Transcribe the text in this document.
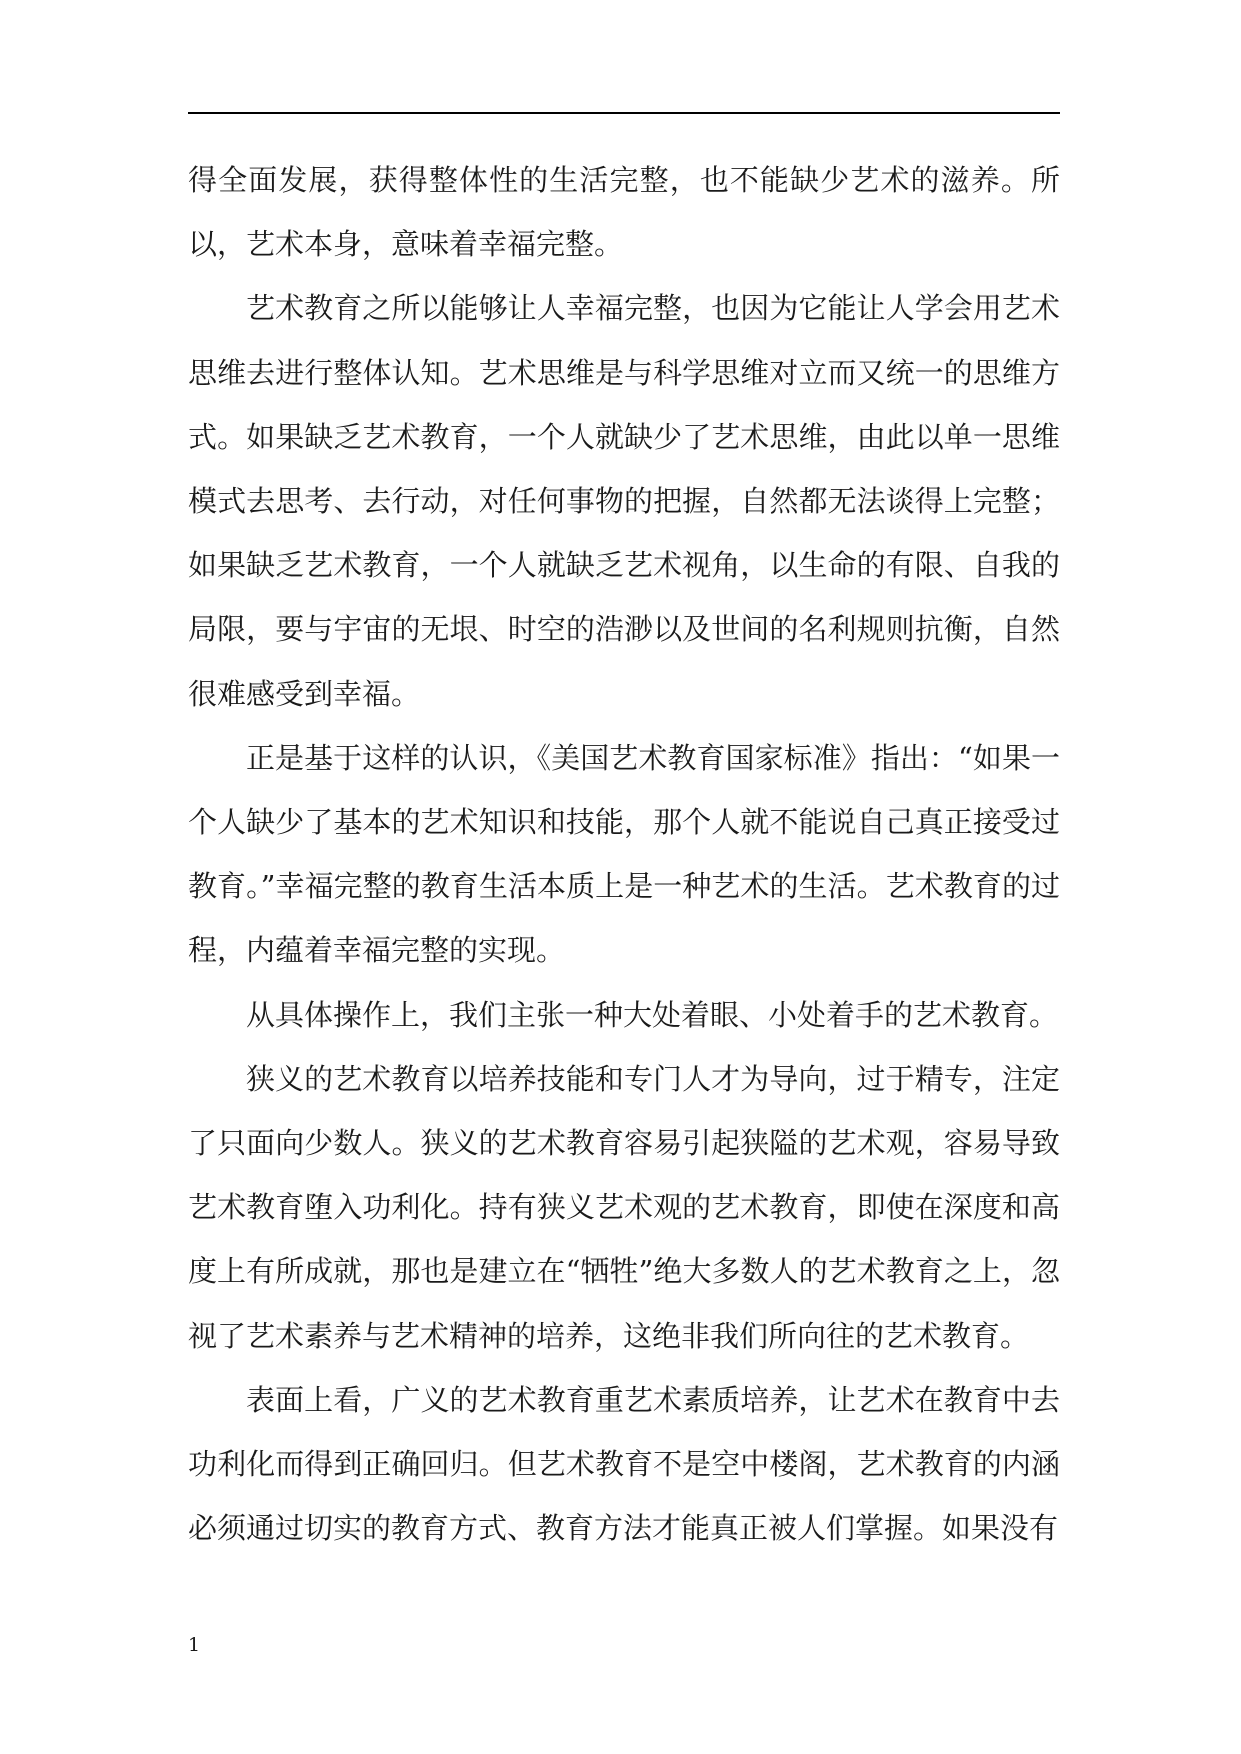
得全面发展，获得整体性的生活完整，也不能缺少艺术的滋养。所以，艺术本身，意味着幸福完整。

艺术教育之所以能够让人幸福完整，也因为它能让人学会用艺术思维去进行整体认知。艺术思维是与科学思维对立而又统一的思维方式。如果缺乏艺术教育，一个人就缺少了艺术思维，由此以单一思维模式去思考、去行动，对任何事物的把握，自然都无法谈得上完整；如果缺乏艺术教育，一个人就缺乏艺术视角，以生命的有限、自我的局限，要与宇宙的无垠、时空的浩渺以及世间的名利规则抗衡，自然很难感受到幸福。

正是基于这样的认识，《美国艺术教育国家标准》指出：“如果一个人缺少了基本的艺术知识和技能，那个人就不能说自己真正接受过教育。”幸福完整的教育生活本质上是一种艺术的生活。艺术教育的过程，内蕴着幸福完整的实现。

从具体操作上，我们主张一种大处着眼、小处着手的艺术教育。

狭义的艺术教育以培养技能和专门人才为导向，过于精专，注定了只面向少数人。狭义的艺术教育容易引起狭隘的艺术观，容易导致艺术教育堕入功利化。持有狭义艺术观的艺术教育，即使在深度和高度上有所成就，那也是建立在“牺牲”绝大多数人的艺术教育之上，忽视了艺术素养与艺术精神的培养，这绝非我们所向往的艺术教育。

表面上看，广义的艺术教育重艺术素质培养，让艺术在教育中去功利化而得到正确回归。但艺术教育不是空中楼阁，艺术教育的内涵必须通过切实的教育方式、教育方法才能真正被人们掌握。如果没有

1
